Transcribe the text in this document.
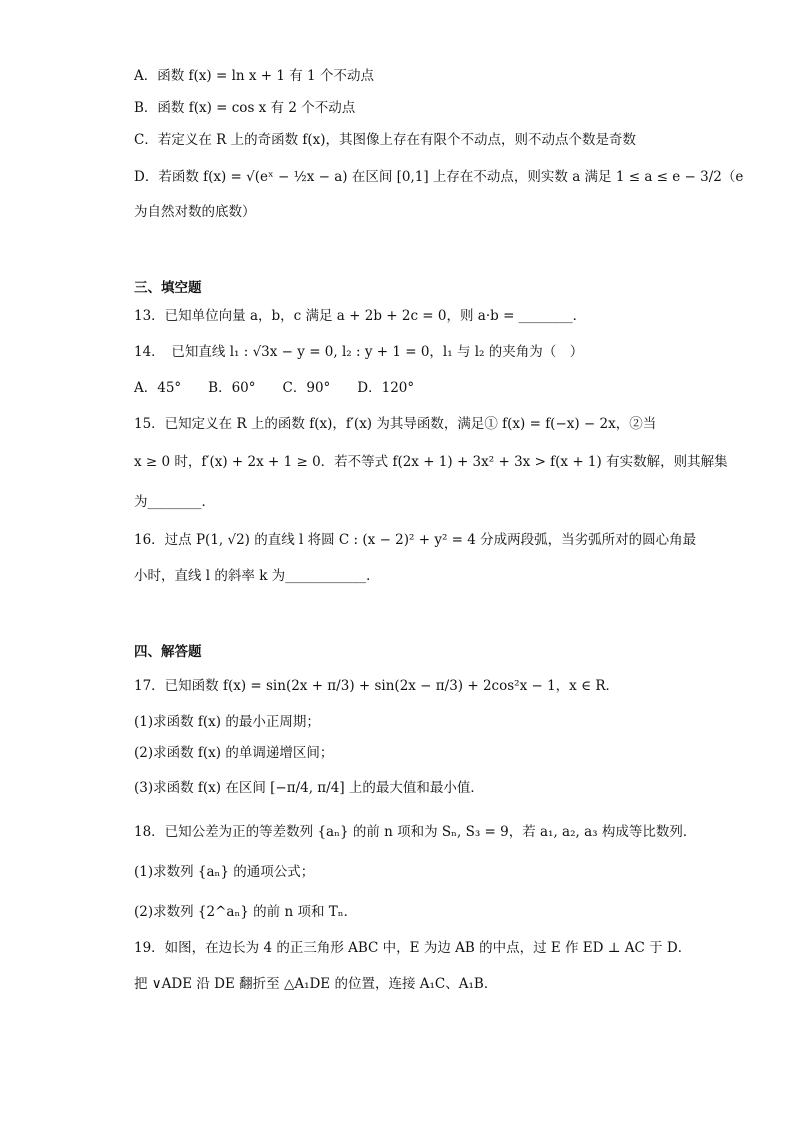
A．函数 f(x) = ln x + 1 有 1 个不动点
B．函数 f(x) = cos x 有 2 个不动点
C．若定义在 R 上的奇函数 f(x)，其图像上存在有限个不动点，则不动点个数是奇数
D．若函数 f(x) = √(eˣ − ½x − a) 在区间 [0,1] 上存在不动点，则实数 a 满足 1 ≤ a ≤ e − 3/2（e
为自然对数的底数）
三、填空题
13．已知单位向量 a，b，c 满足 a + 2b + 2c = 0，则 a·b = ________．
14．　已知直线 l₁ : √3x − y = 0, l₂ : y + 1 = 0，l₁ 与 l₂ 的夹角为（　）
A．45°　　B．60°　　C．90°　　D．120°
15．已知定义在 R 上的函数 f(x)，f′(x) 为其导函数，满足① f(x) = f(−x) − 2x，②当
x ≥ 0 时，f′(x) + 2x + 1 ≥ 0．若不等式 f(2x + 1) + 3x² + 3x > f(x + 1) 有实数解，则其解集
为________．
16．过点 P(1, √2) 的直线 l 将圆 C : (x − 2)² + y² = 4 分成两段弧，当劣弧所对的圆心角最
小时，直线 l 的斜率 k 为____________．
四、解答题
17．已知函数 f(x) = sin(2x + π/3) + sin(2x − π/3) + 2cos²x − 1，x ∈ R．
(1)求函数 f(x) 的最小正周期；
(2)求函数 f(x) 的单调递增区间；
(3)求函数 f(x) 在区间 [−π/4, π/4] 上的最大值和最小值．
18．已知公差为正的等差数列 {aₙ} 的前 n 项和为 Sₙ, S₃ = 9，若 a₁, a₂, a₃ 构成等比数列．
(1)求数列 {aₙ} 的通项公式；
(2)求数列 {2^aₙ} 的前 n 项和 Tₙ．
19．如图，在边长为 4 的正三角形 ABC 中，E 为边 AB 的中点，过 E 作 ED ⊥ AC 于 D．
把 ∨ADE 沿 DE 翻折至 △A₁DE 的位置，连接 A₁C、A₁B．
